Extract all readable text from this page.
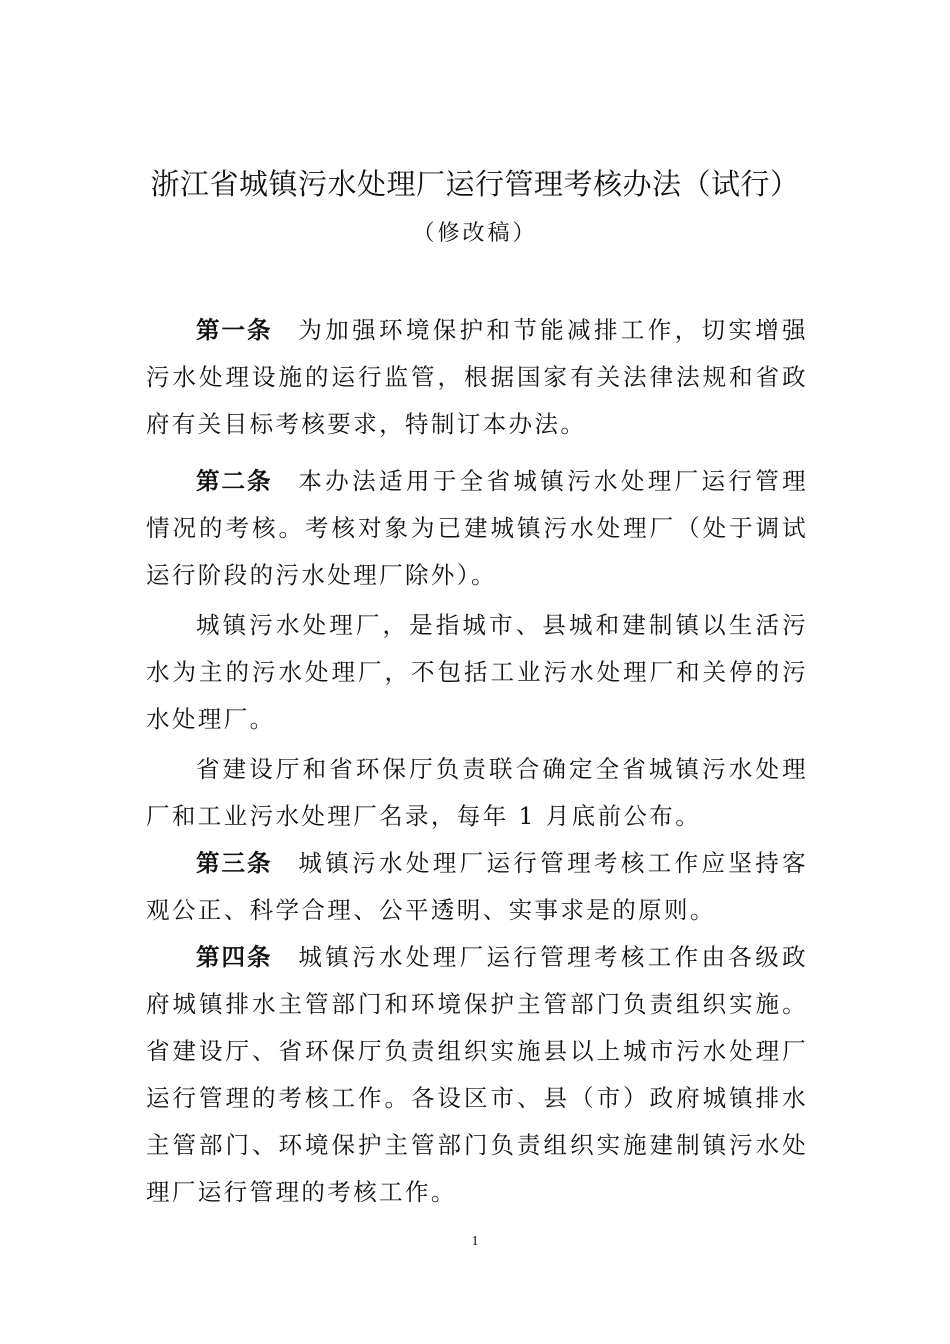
浙江省城镇污水处理厂运行管理考核办法（试行）
（修改稿）

第一条 为加强环境保护和节能减排工作，切实增强污水处理设施的运行监管，根据国家有关法律法规和省政府有关目标考核要求，特制订本办法。

第二条 本办法适用于全省城镇污水处理厂运行管理情况的考核。考核对象为已建城镇污水处理厂（处于调试运行阶段的污水处理厂除外）。

城镇污水处理厂，是指城市、县城和建制镇以生活污水为主的污水处理厂，不包括工业污水处理厂和关停的污水处理厂。

省建设厅和省环保厅负责联合确定全省城镇污水处理厂和工业污水处理厂名录，每年 1 月底前公布。

第三条 城镇污水处理厂运行管理考核工作应坚持客观公正、科学合理、公平透明、实事求是的原则。

第四条 城镇污水处理厂运行管理考核工作由各级政府城镇排水主管部门和环境保护主管部门负责组织实施。省建设厅、省环保厅负责组织实施县以上城市污水处理厂运行管理的考核工作。各设区市、县（市）政府城镇排水主管部门、环境保护主管部门负责组织实施建制镇污水处理厂运行管理的考核工作。

1
